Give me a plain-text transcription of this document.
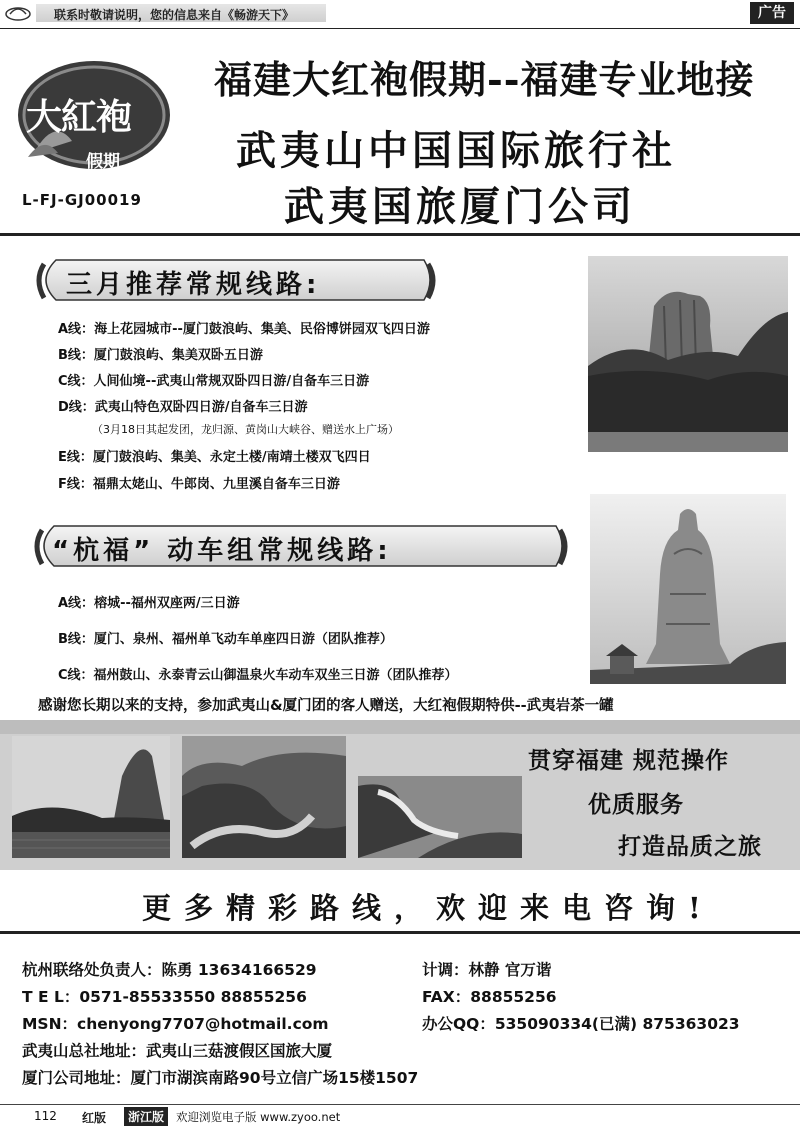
联系时敬请说明，您的信息来自《畅游天下》	广告
大紅袍
假期
L-FJ-GJ00019
福建大红袍假期--福建专业地接
武夷山中国国际旅行社
武夷国旅厦门公司
三月推荐常规线路:
A线：海上花园城市--厦门鼓浪屿、集美、民俗博饼园双飞四日游
B线：厦门鼓浪屿、集美双卧五日游
C线：人间仙境--武夷山常规双卧四日游/自备车三日游
D线：武夷山特色双卧四日游/自备车三日游
（3月18日其起发团，龙归源、黄岗山大峡谷、赠送水上广场）
E线：厦门鼓浪屿、集美、永定土楼/南靖土楼双飞四日
F线：福鼎太姥山、牛郎岗、九里溪自备车三日游
“杭福” 动车组常规线路:
A线：榕城--福州双座两/三日游
B线：厦门、泉州、福州单飞动车单座四日游（团队推荐）
C线：福州鼓山、永泰青云山御温泉火车动车双坐三日游（团队推荐）
感谢您长期以来的支持，参加武夷山&厦门团的客人赠送，大红袍假期特供--武夷岩茶一罐
贯穿福建 规范操作
优质服务
打造品质之旅
更多精彩路线，欢迎来电咨询!
杭州联络处负责人：陈勇 13634166529	计调：林静 官万谐
T E L：0571-85533550 88855256	FAX：88855256
MSN：chenyong7707@hotmail.com	办公QQ：535090334(已满) 875363023
武夷山总社地址：武夷山三菇渡假区国旅大厦
厦门公司地址：厦门市湖滨南路90号立信广场15楼1507
112 红版	浙江版	欢迎浏览电子版 www.zyoo.net
